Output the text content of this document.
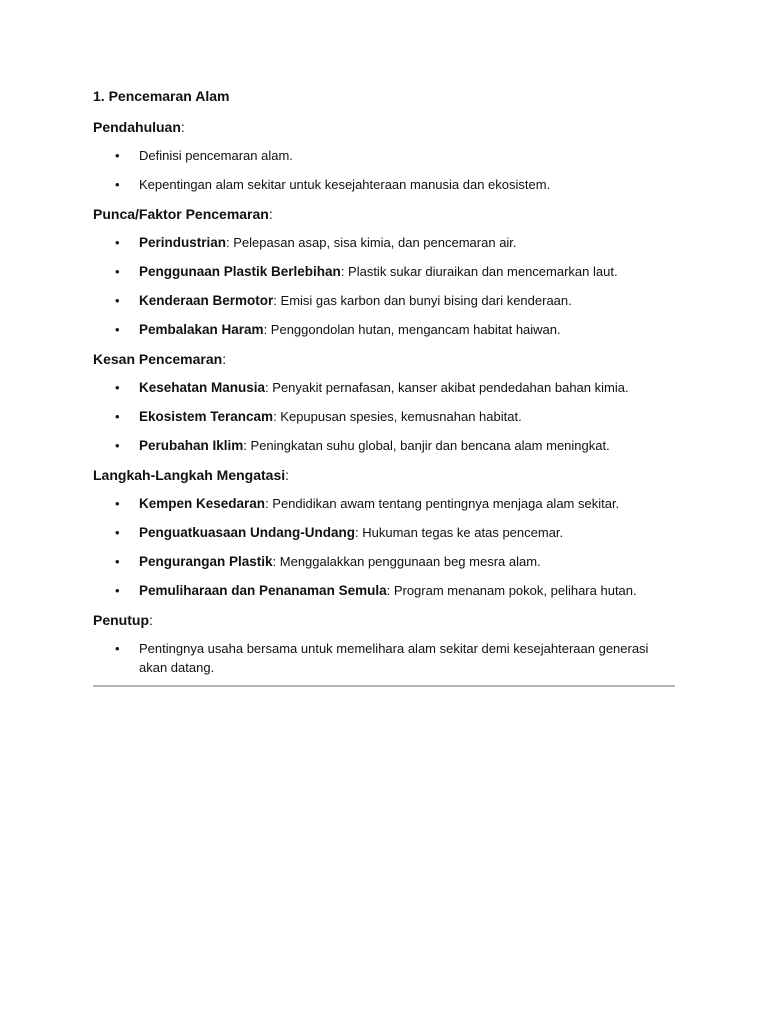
1. Pencemaran Alam
Pendahuluan:
• Definisi pencemaran alam.
• Kepentingan alam sekitar untuk kesejahteraan manusia dan ekosistem.
Punca/Faktor Pencemaran:
• Perindustrian: Pelepasan asap, sisa kimia, dan pencemaran air.
• Penggunaan Plastik Berlebihan: Plastik sukar diuraikan dan mencemarkan laut.
• Kenderaan Bermotor: Emisi gas karbon dan bunyi bising dari kenderaan.
• Pembalakan Haram: Penggondolan hutan, mengancam habitat haiwan.
Kesan Pencemaran:
• Kesehatan Manusia: Penyakit pernafasan, kanser akibat pendedahan bahan kimia.
• Ekosistem Terancam: Kepupusan spesies, kemusnahan habitat.
• Perubahan Iklim: Peningkatan suhu global, banjir dan bencana alam meningkat.
Langkah-Langkah Mengatasi:
• Kempen Kesedaran: Pendidikan awam tentang pentingnya menjaga alam sekitar.
• Penguatkuasaan Undang-Undang: Hukuman tegas ke atas pencemar.
• Pengurangan Plastik: Menggalakkan penggunaan beg mesra alam.
• Pemuliharaan dan Penanaman Semula: Program menanam pokok, pelihara hutan.
Penutup:
• Pentingnya usaha bersama untuk memelihara alam sekitar demi kesejahteraan generasi akan datang.
